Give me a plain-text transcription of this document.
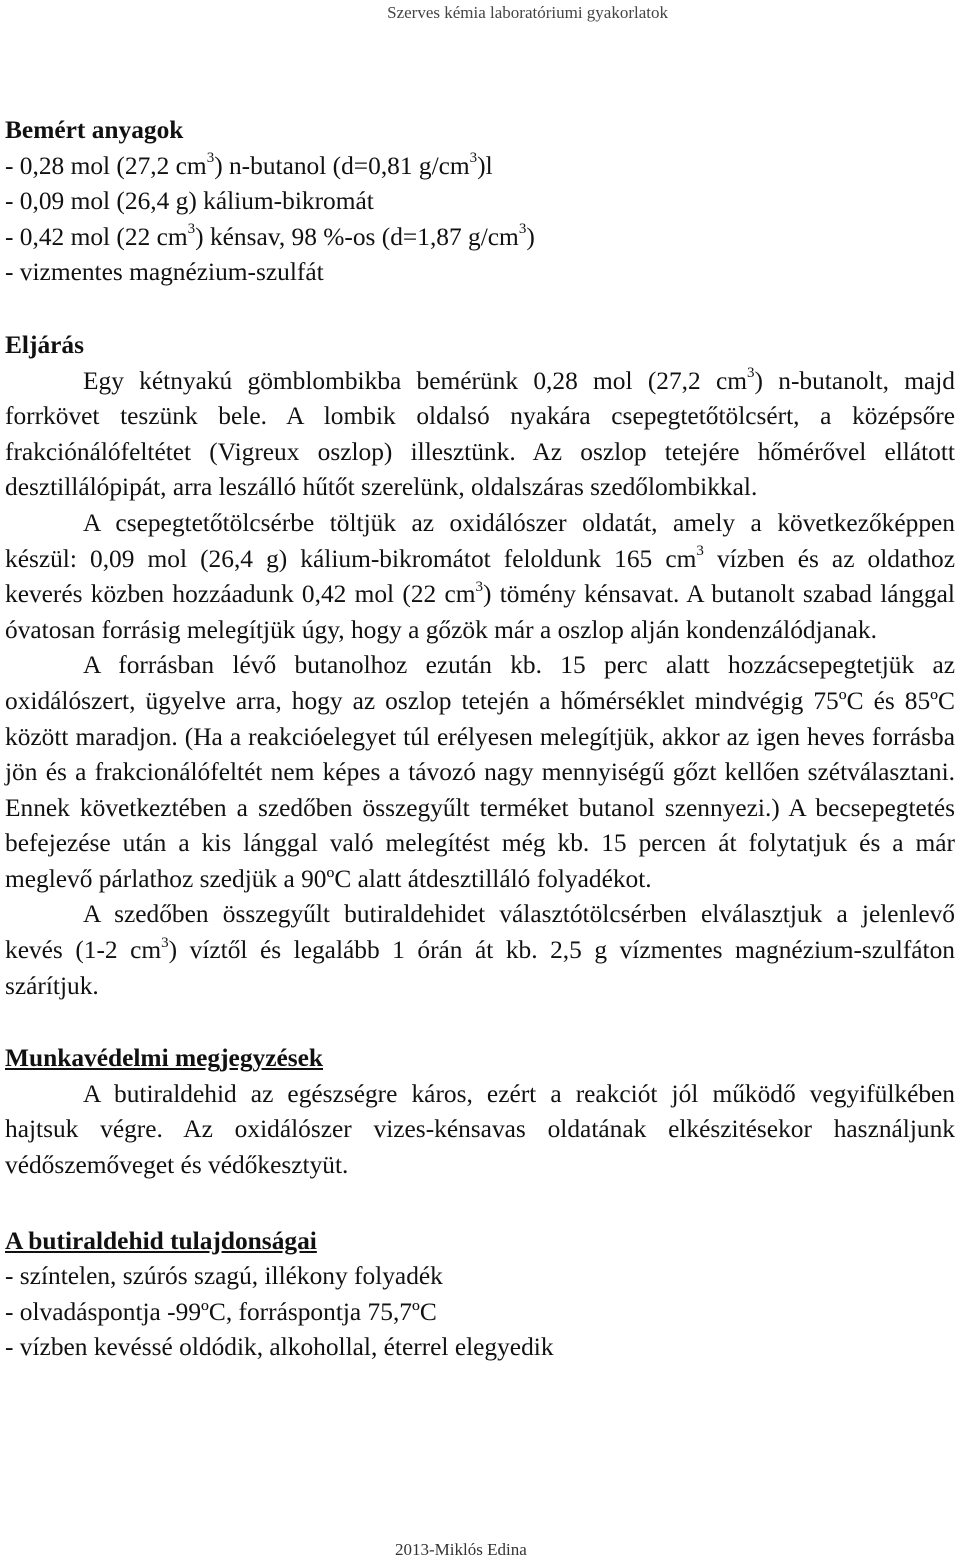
Szerves kémia laboratóriumi gyakorlatok

Bemért anyagok

- 0,28 mol (27,2 $cm^3$) n-butanol (d=0,81 $g/cm^3)l$

- 0,09 mol (26,4 g) kálium-bikromát

- 0,42 mol (22 $cm^3$) kénsav, 98 %-os (d=1,87 $g/cm^3$)

- vizmentes magnézium-szulfát

Eljárás

Egy kétnyakú gömblombikba bemérünk 0,28 mol (27,2 $cm^3$) n-butanolt, majd forrkövet teszünk bele. A lombik oldalsó nyakára csepegtetőtölcsért, a középsőre frakciónálófeltétet (Vigreux oszlop) illesztünk. Az oszlop tetejére hőmérővel ellátott desztillálópipát, arra leszálló hűtőt szerelünk, oldalszáras szedőlombikkal.

A csepegtetőtölcsérbe töltjük az oxidálószer oldatát, amely a következőképpen készül: 0,09 mol (26,4 g) kálium-bikromátot feloldunk 165 $cm^3$ vízben és az oldathoz keverés közben hozzáadunk 0,42 mol (22 $cm^3$) tömény kénsavat. A butanolt szabad lánggal óvatosan forrásig melegítjük úgy, hogy a gőzök már a oszlop alján kondenzálódjanak.

A forrásban lévő butanolhoz ezután kb. 15 perc alatt hozzácsepegtetjük az oxidálószert, ügyelve arra, hogy az oszlop tetején a hőmérséklet mindvégig 75ºC és 85ºC között maradjon. (Ha a reakcióelegyet túl erélyesen melegítjük, akkor az igen heves forrásba jön és a frakcionálófeltét nem képes a távozó nagy mennyiségű gőzt kellően szétválasztani. Ennek következtében a szedőben összegyűlt terméket butanol szennyezi.) A becsepegtetés befejezése után a kis lánggal való melegítést még kb. 15 percen át folytatjuk és a már meglevő párlathoz szedjük a 90ºC alatt átdesztilláló folyadékot.

A szedőben összegyűlt butiraldehidet választótölcsérben elválasztjuk a jelenlevő kevés (1-2 $cm^3$) víztől és legalább 1 órán át kb. 2,5 g vízmentes magnézium-szulfáton szárítjuk.

Munkavédelmi megjegyzések

A butiraldehid az egészségre káros, ezért a reakciót jól működő vegyifülkében hajtsuk végre. Az oxidálószer vizes-kénsavas oldatának elkészitésekor használjunk védőszemőveget és védőkesztyüt.

A butiraldehid tulajdonságai

- színtelen, szúrós szagú, illékony folyadék

- olvadáspontja -99ºC, forráspontja 75,7ºC

- vízben kevéssé oldódik, alkohollal, éterrel elegyedik

2013-Miklós Edina
